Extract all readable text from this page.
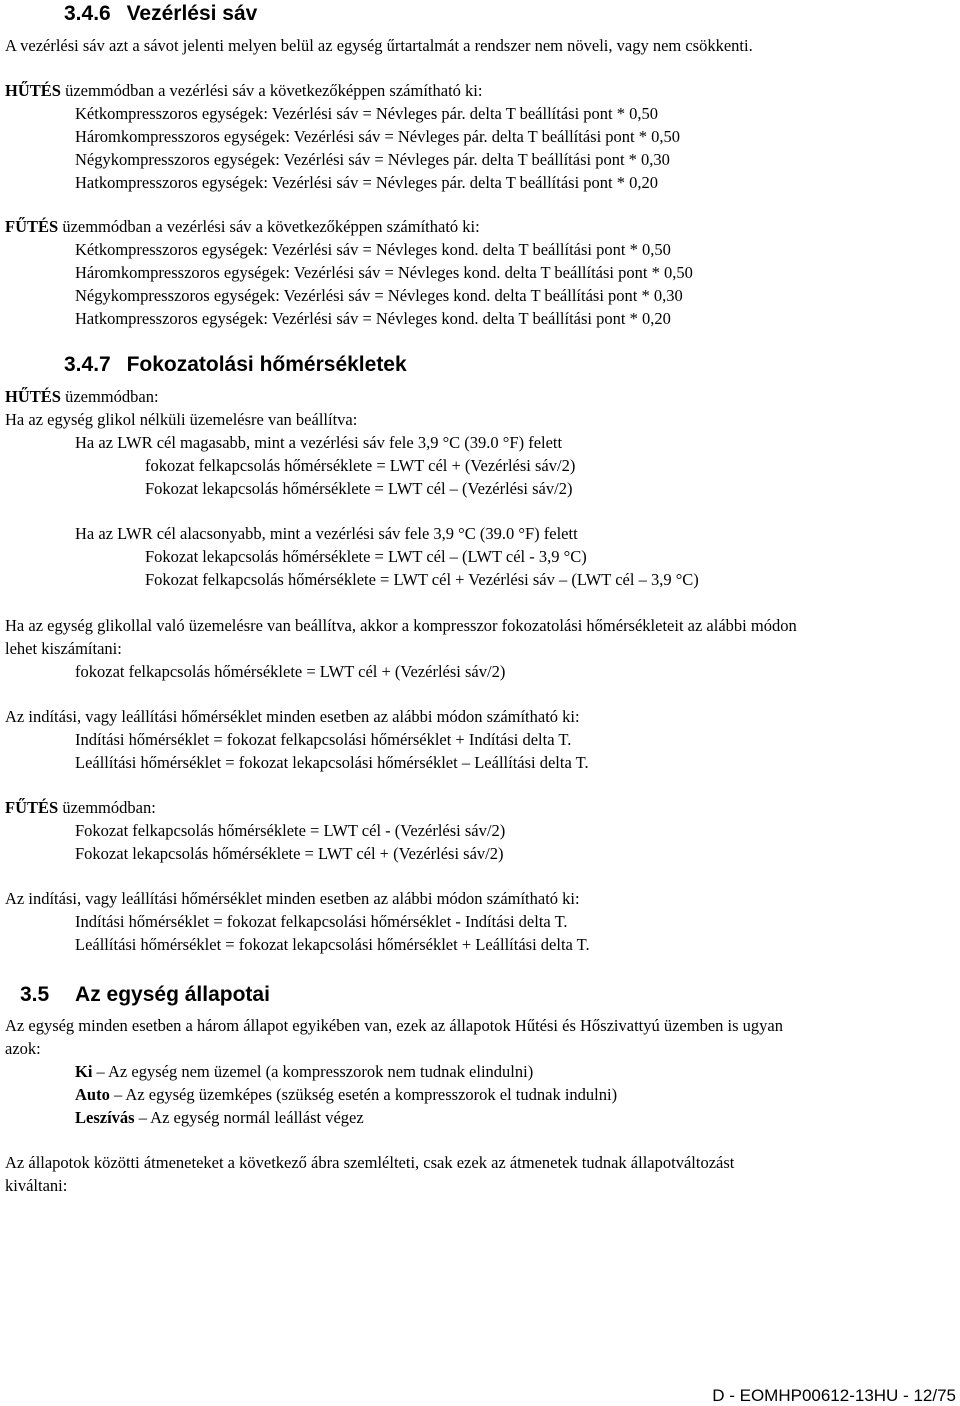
3.4.6 Vezérlési sáv
A vezérlési sáv azt a sávot jelenti melyen belül az egység űrtartalmát a rendszer nem növeli, vagy nem csökkenti.
HŰTÉS üzemmódban a vezérlési sáv a következőképpen számítható ki:
Kétkompresszoros egységek: Vezérlési sáv = Névleges pár. delta T beállítási pont * 0,50
Háromkompresszoros egységek: Vezérlési sáv = Névleges pár. delta T beállítási pont * 0,50
Négykompresszoros egységek: Vezérlési sáv = Névleges pár. delta T beállítási pont * 0,30
Hatkompresszoros egységek: Vezérlési sáv = Névleges pár. delta T beállítási pont * 0,20
FŰTÉS üzemmódban a vezérlési sáv a következőképpen számítható ki:
Kétkompresszoros egységek: Vezérlési sáv = Névleges kond. delta T beállítási pont * 0,50
Háromkompresszoros egységek: Vezérlési sáv = Névleges kond. delta T beállítási pont * 0,50
Négykompresszoros egységek: Vezérlési sáv = Névleges kond. delta T beállítási pont * 0,30
Hatkompresszoros egységek: Vezérlési sáv = Névleges kond. delta T beállítási pont * 0,20
3.4.7 Fokozatolási hőmérsékletek
HŰTÉS üzemmódban:
Ha az egység glikol nélküli üzemelésre van beállítva:
Ha az LWR cél magasabb, mint a vezérlési sáv fele 3,9 °C (39.0 °F) felett
fokozat felkapcsolás hőmérséklete = LWT cél + (Vezérlési sáv/2)
Fokozat lekapcsolás hőmérséklete = LWT cél – (Vezérlési sáv/2)
Ha az LWR cél alacsonyabb, mint a vezérlési sáv fele 3,9 °C (39.0 °F) felett
Fokozat lekapcsolás hőmérséklete = LWT cél – (LWT cél - 3,9 °C)
Fokozat felkapcsolás hőmérséklete = LWT cél + Vezérlési sáv – (LWT cél – 3,9 °C)
Ha az egység glikollal való üzemelésre van beállítva, akkor a kompresszor fokozatolási hőmérsékleteit az alábbi módon
lehet kiszámítani:
fokozat felkapcsolás hőmérséklete = LWT cél + (Vezérlési sáv/2)
Az indítási, vagy leállítási hőmérséklet minden esetben az alábbi módon számítható ki:
Indítási hőmérséklet = fokozat felkapcsolási hőmérséklet + Indítási delta T.
Leállítási hőmérséklet = fokozat lekapcsolási hőmérséklet – Leállítási delta T.
FŰTÉS üzemmódban:
Fokozat felkapcsolás hőmérséklete = LWT cél - (Vezérlési sáv/2)
Fokozat lekapcsolás hőmérséklete = LWT cél + (Vezérlési sáv/2)
Az indítási, vagy leállítási hőmérséklet minden esetben az alábbi módon számítható ki:
Indítási hőmérséklet = fokozat felkapcsolási hőmérséklet - Indítási delta T.
Leállítási hőmérséklet = fokozat lekapcsolási hőmérséklet + Leállítási delta T.
3.5 Az egység állapotai
Az egység minden esetben a három állapot egyikében van, ezek az állapotok Hűtési és Hőszivattyú üzemben is ugyan
azok:
Ki – Az egység nem üzemel (a kompresszorok nem tudnak elindulni)
Auto – Az egység üzemképes (szükség esetén a kompresszorok el tudnak indulni)
Leszívás – Az egység normál leállást végez
Az állapotok közötti átmeneteket a következő ábra szemlélteti, csak ezek az átmenetek tudnak állapotváltozást
kiváltani:
D - EOMHP00612-13HU - 12/75
